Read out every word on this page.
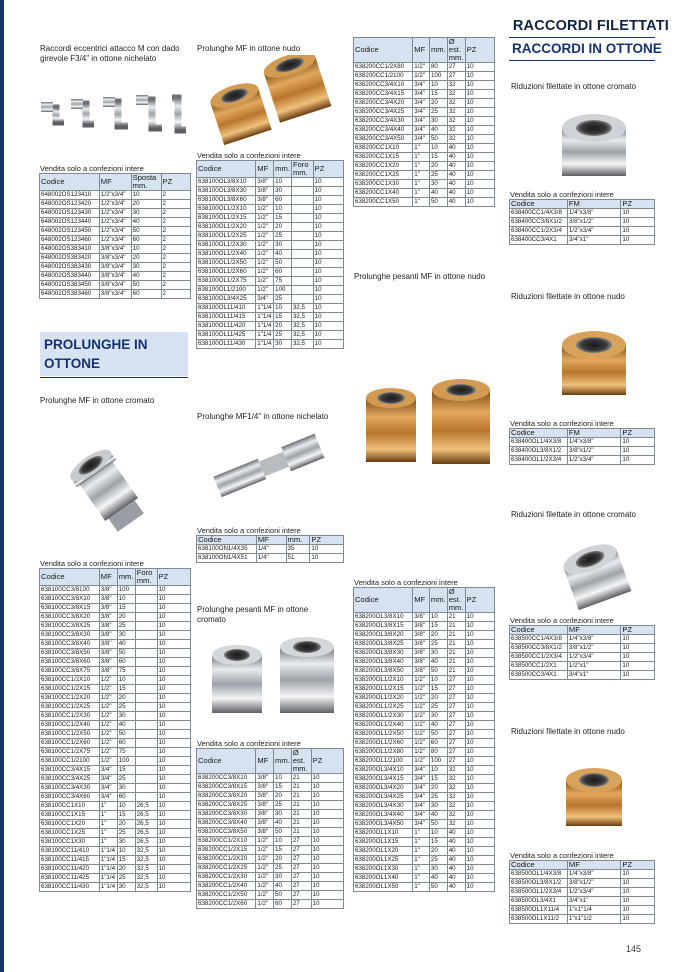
RACCORDI FILETTATI
RACCORDI IN OTTONE
Raccordi eccentrici attacco M con dado girevole F3/4" in ottone nichelato
Vendita solo a confezioni intere
Codice	MF	Sposta mm.	PZ
648002OS123410	1/2"x3/4"	10	2
648002OS123420	1/2"x3/4"	20	2
648002OS123430	1/2"x3/4"	30	2
648002OS123440	1/2"x3/4"	40	2
648002OS123450	1/2"x3/4"	50	2
648002OS123460	1/2"x3/4"	60	2
648002OS383410	3/8"x3/4"	10	2
648002OS383420	3/8"x3/4"	20	2
648002OS383430	3/8"x3/4"	30	2
648002OS383440	3/8"x3/4"	40	2
648002OS383450	3/8"x3/4"	50	2
648002OS383460	3/8"x3/4"	60	2
PROLUNGHE IN
OTTONE
Prolunghe MF in ottone cromato
Vendita solo a confezioni intere
Codice	MF	mm.	Foro mm.	PZ
638100CC3/8100	3/8"	100		10
638100CC3/8X10	3/8"	10		10
638100CC3/8X15	3/8"	15		10
638100CC3/8X20	3/8"	20		10
638100CC3/8X25	3/8"	25		10
638100CC3/8X30	3/8"	30		10
638100CC3/8X40	3/8"	40		10
638100CC3/8X50	3/8"	50		10
638100CC3/8X60	3/8"	60		10
638100CC3/8X75	3/8"	75		10
638100CC1/2X10	1/2"	10		10
638100CC1/2X15	1/2"	15		10
638100CC1/2X20	1/2"	20		10
638100CC1/2X25	1/2"	25		10
638100CC1/2X30	1/2"	30		10
638100CC1/2X40	1/2"	40		10
638100CC1/2X50	1/2"	50		10
638100CC1/2X60	1/2"	60		10
638100CC1/2X75	1/2"	75		10
638100CC1/2100	1/2"	100		10
638100CC3/4X15	3/4"	15		10
638100CC3/4X25	3/4"	25		10
638100CC3/4X30	3/4"	30		10
638100CC3/4X60	3/4"	60		10
638100CC1X10	1"	10	26,5	10
638100CC1X15	1"	15	26,5	10
638100CC1X20	1"	20	26,5	10
638100CC1X25	1"	25	26,5	10
638100CC1X30	1"	30	26,5	10
638100CC11/410	1"1/4	10	32,5	10
638100CC11/415	1"1/4	15	32,5	10
638100CC11/420	1"1/4	20	32,5	10
638100CC11/425	1"1/4	25	32,5	10
638100CC11/430	1"1/4	30	32,5	10
Prolunghe MF in ottone nudo
Vendita solo a confezioni intere
Codice	MF	mm.	Foro mm.	PZ
638100OL3/8X10	3/8"	10		10
638100OL3/8X30	3/8"	30		10
638100OL3/8X60	3/8"	60		10
638100OL1/2X10	1/2"	10		10
638100OL1/2X15	1/2"	15		10
638100OL1/2X20	1/2"	20		10
638100OL1/2X25	1/2"	25		10
638100OL1/2X30	1/2"	30		10
638100OL1/2X40	1/2"	40		10
638100OL1/2X50	1/2"	50		10
638100OL1/2X60	1/2"	60		10
638100OL1/2X75	1/2"	75		10
638100OL1/2100	1/2"	100		10
638100OL3/4X25	3/4"	25		10
638100OL11/410	1"1/4	10	32,5	10
638100OL11/415	1"1/4	15	32,5	10
638100OL11/420	1"1/4	20	32,5	10
638100OL11/425	1"1/4	25	32,5	10
638100OL11/430	1"1/4	30	32,5	10
Prolunghe MF1/4" in ottone nichelato
Vendita solo a confezioni intere
Codice	MF	mm.	PZ
638100ON1/4X35	1/4"	35	10
638100ON1/4X51	1/4"	51	10
Prolunghe pesanti MF in ottone cromato
Vendita solo a confezioni intere
Codice	MF	mm.	Ø est. mm.	PZ
638200CC3/8X10	3/8"	10	21	10
638200CC3/8X15	3/8"	15	21	10
638200CC3/8X20	3/8"	20	21	10
638200CC3/8X25	3/8"	25	21	10
638200CC3/8X30	3/8"	30	21	10
638200CC3/8X40	3/8"	40	21	10
638200CC3/8X50	3/8"	50	21	10
638200CC1/2X10	1/2"	10	27	10
638200CC1/2X15	1/2"	15	27	10
638200CC1/2X20	1/2"	20	27	10
638200CC1/2X25	1/2"	25	27	10
638200CC1/2X30	1/2"	30	27	10
638200CC1/2X40	1/2"	40	27	10
638200CC1/2X50	1/2"	50	27	10
638200CC1/2X60	1/2"	60	27	10
Codice	MF	mm.	Ø est. mm.	PZ
638200CC1/2X80	1/2"	80	27	10
638200CC1/2100	1/2"	100	27	10
638200CC3/4X10	3/4"	10	32	10
638200CC3/4X15	3/4"	15	32	10
638200CC3/4X20	3/4"	20	32	10
638200CC3/4X25	3/4"	25	32	10
638200CC3/4X30	3/4"	30	32	10
638200CC3/4X40	3/4"	40	32	10
638200CC3/4X50	3/4"	50	32	10
638200CC1X10	1"	10	40	10
638200CC1X15	1"	15	40	10
638200CC1X20	1"	20	40	10
638200CC1X25	1"	25	40	10
638200CC1X30	1"	30	40	10
638200CC1X40	1"	40	40	10
638200CC1X50	1"	50	40	10
Prolunghe pesanti MF in ottone nudo
Vendita solo a confezioni intere
Codice	MF	mm.	Ø est. mm.	PZ
638200OL3/8X10	3/8"	10	21	10
638200OL3/8X15	3/8"	15	21	10
638200OL3/8X20	3/8"	20	21	10
638200OL3/8X25	3/8"	25	21	10
638200OL3/8X30	3/8"	30	21	10
638200OL3/8X40	3/8"	40	21	10
638200OL3/8X50	3/8"	50	21	10
638200OL1/2X10	1/2"	10	27	10
638200OL1/2X15	1/2"	15	27	10
638200OL1/2X20	1/2"	20	27	10
638200OL1/2X25	1/2"	25	27	10
638200OL1/2X30	1/2"	30	27	10
638200OL1/2X40	1/2"	40	27	10
638200OL1/2X50	1/2"	50	27	10
638200OL1/2X60	1/2"	60	27	10
638200OL1/2X80	1/2"	80	27	10
638200OL1/2100	1/2"	100	27	10
638200OL3/4X10	3/4"	10	32	10
638200OL3/4X15	3/4"	15	32	10
638200OL3/4X20	3/4"	20	32	10
638200OL3/4X25	3/4"	25	32	10
638200OL3/4X30	3/4"	30	32	10
638200OL3/4X40	3/4"	40	32	10
638200OL3/4X50	3/4"	50	32	10
638200OL1X10	1"	10	40	10
638200OL1X15	1"	15	40	10
638200OL1X20	1"	20	40	10
638200OL1X25	1"	25	40	10
638200OL1X30	1"	30	40	10
638200OL1X40	1"	40	40	10
638200OL1X50	1"	50	40	10
Riduzioni filettate in ottone cromato
Vendita solo a confezioni intere
Codice	FM	PZ
638400CC1/4X3/8	1/4"x3/8"	10
638400CC3/8X1/2	3/8"x1/2"	10
638400CC1/2X3/4	1/2"x3/4"	10
638400CC3/4X1	3/4"x1"	10
Riduzioni filettate in ottone nudo
Vendita solo a confezioni intere
Codice	FM	PZ
638400OL1/4X3/8	1/4"x3/8"	10
638400OL3/8X1/2	3/8"x1/2"	10
638400OL1/2X3/4	1/2"x3/4"	10
Riduzioni filettate in ottone cromato
Vendita solo a confezioni intere
Codice	MF	PZ
638500CC1/4X3/8	1/4"x3/8"	10
638500CC3/8X1/2	3/8"x1/2"	10
638500CC1/2X3/4	1/2"x3/4"	10
638500CC1/2X1	1/2"x1"	10
638500CC3/4X1	3/4"x1"	10
Riduzioni filettate in ottone nudo
Vendita solo a confezioni intere
Codice	MF	PZ
638500OL1/4X3/8	1/4"x3/8"	10
638500OL3/8X1/2	3/8"x1/2"	10
638500OL1/2X3/4	1/2"x3/4"	10
638500OL3/4X1	3/4"x1"	10
638500OL1X11/4	1"x1"1/4	10
638500OL1X11/2	1"x1"1/2	10
145
